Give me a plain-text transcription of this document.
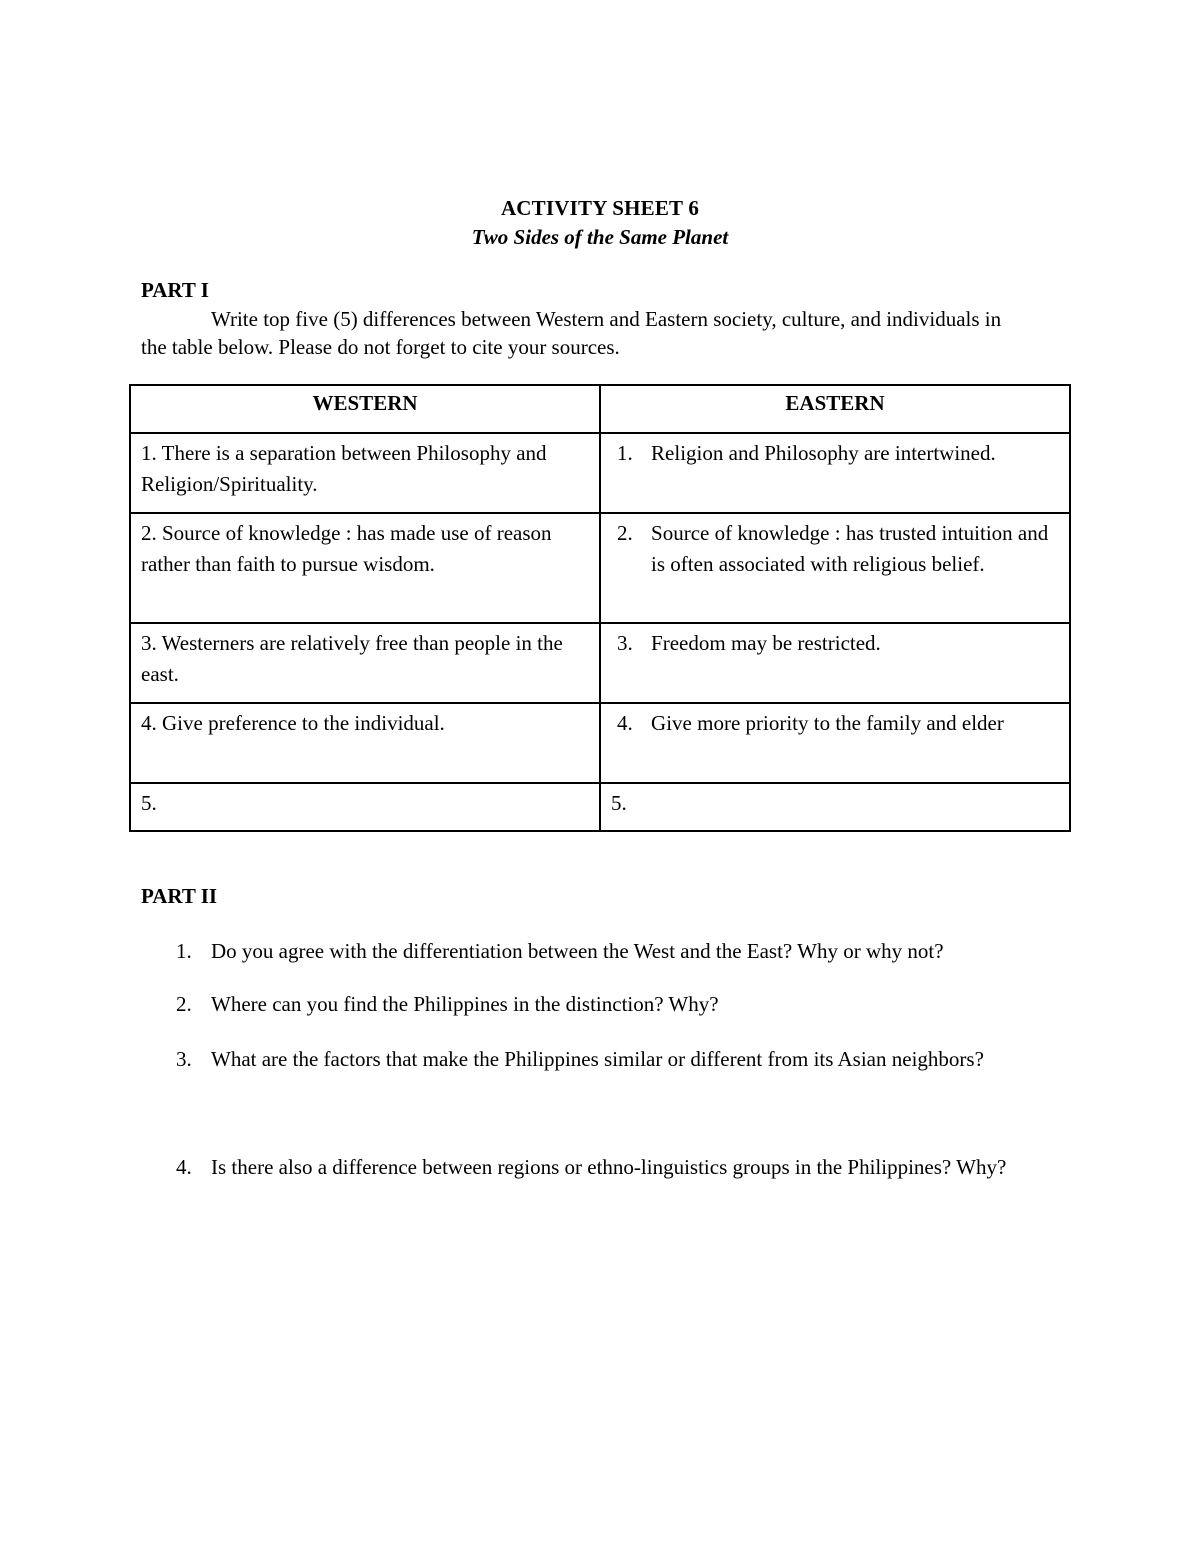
ACTIVITY SHEET 6
Two Sides of the Same Planet
PART I
Write top five (5) differences between Western and Eastern society, culture, and individuals in the table below. Please do not forget to cite your sources.
WESTERN	EASTERN
1. There is a separation between Philosophy and Religion/Spirituality.	1. Religion and Philosophy are intertwined.

2. Source of knowledge : has made use of reason rather than faith to pursue wisdom.	2. Source of knowledge : has trusted intuition and is often associated with religious belief.

3. Westerners are relatively free than people in the east.	3. Freedom may be restricted.

4. Give preference to the individual.	4. Give more priority to the family and elder

5.	5.
PART II
1. Do you agree with the differentiation between the West and the East? Why or why not?
2. Where can you find the Philippines in the distinction? Why?
3. What are the factors that make the Philippines similar or different from its Asian neighbors?
4. Is there also a difference between regions or ethno-linguistics groups in the Philippines? Why?
